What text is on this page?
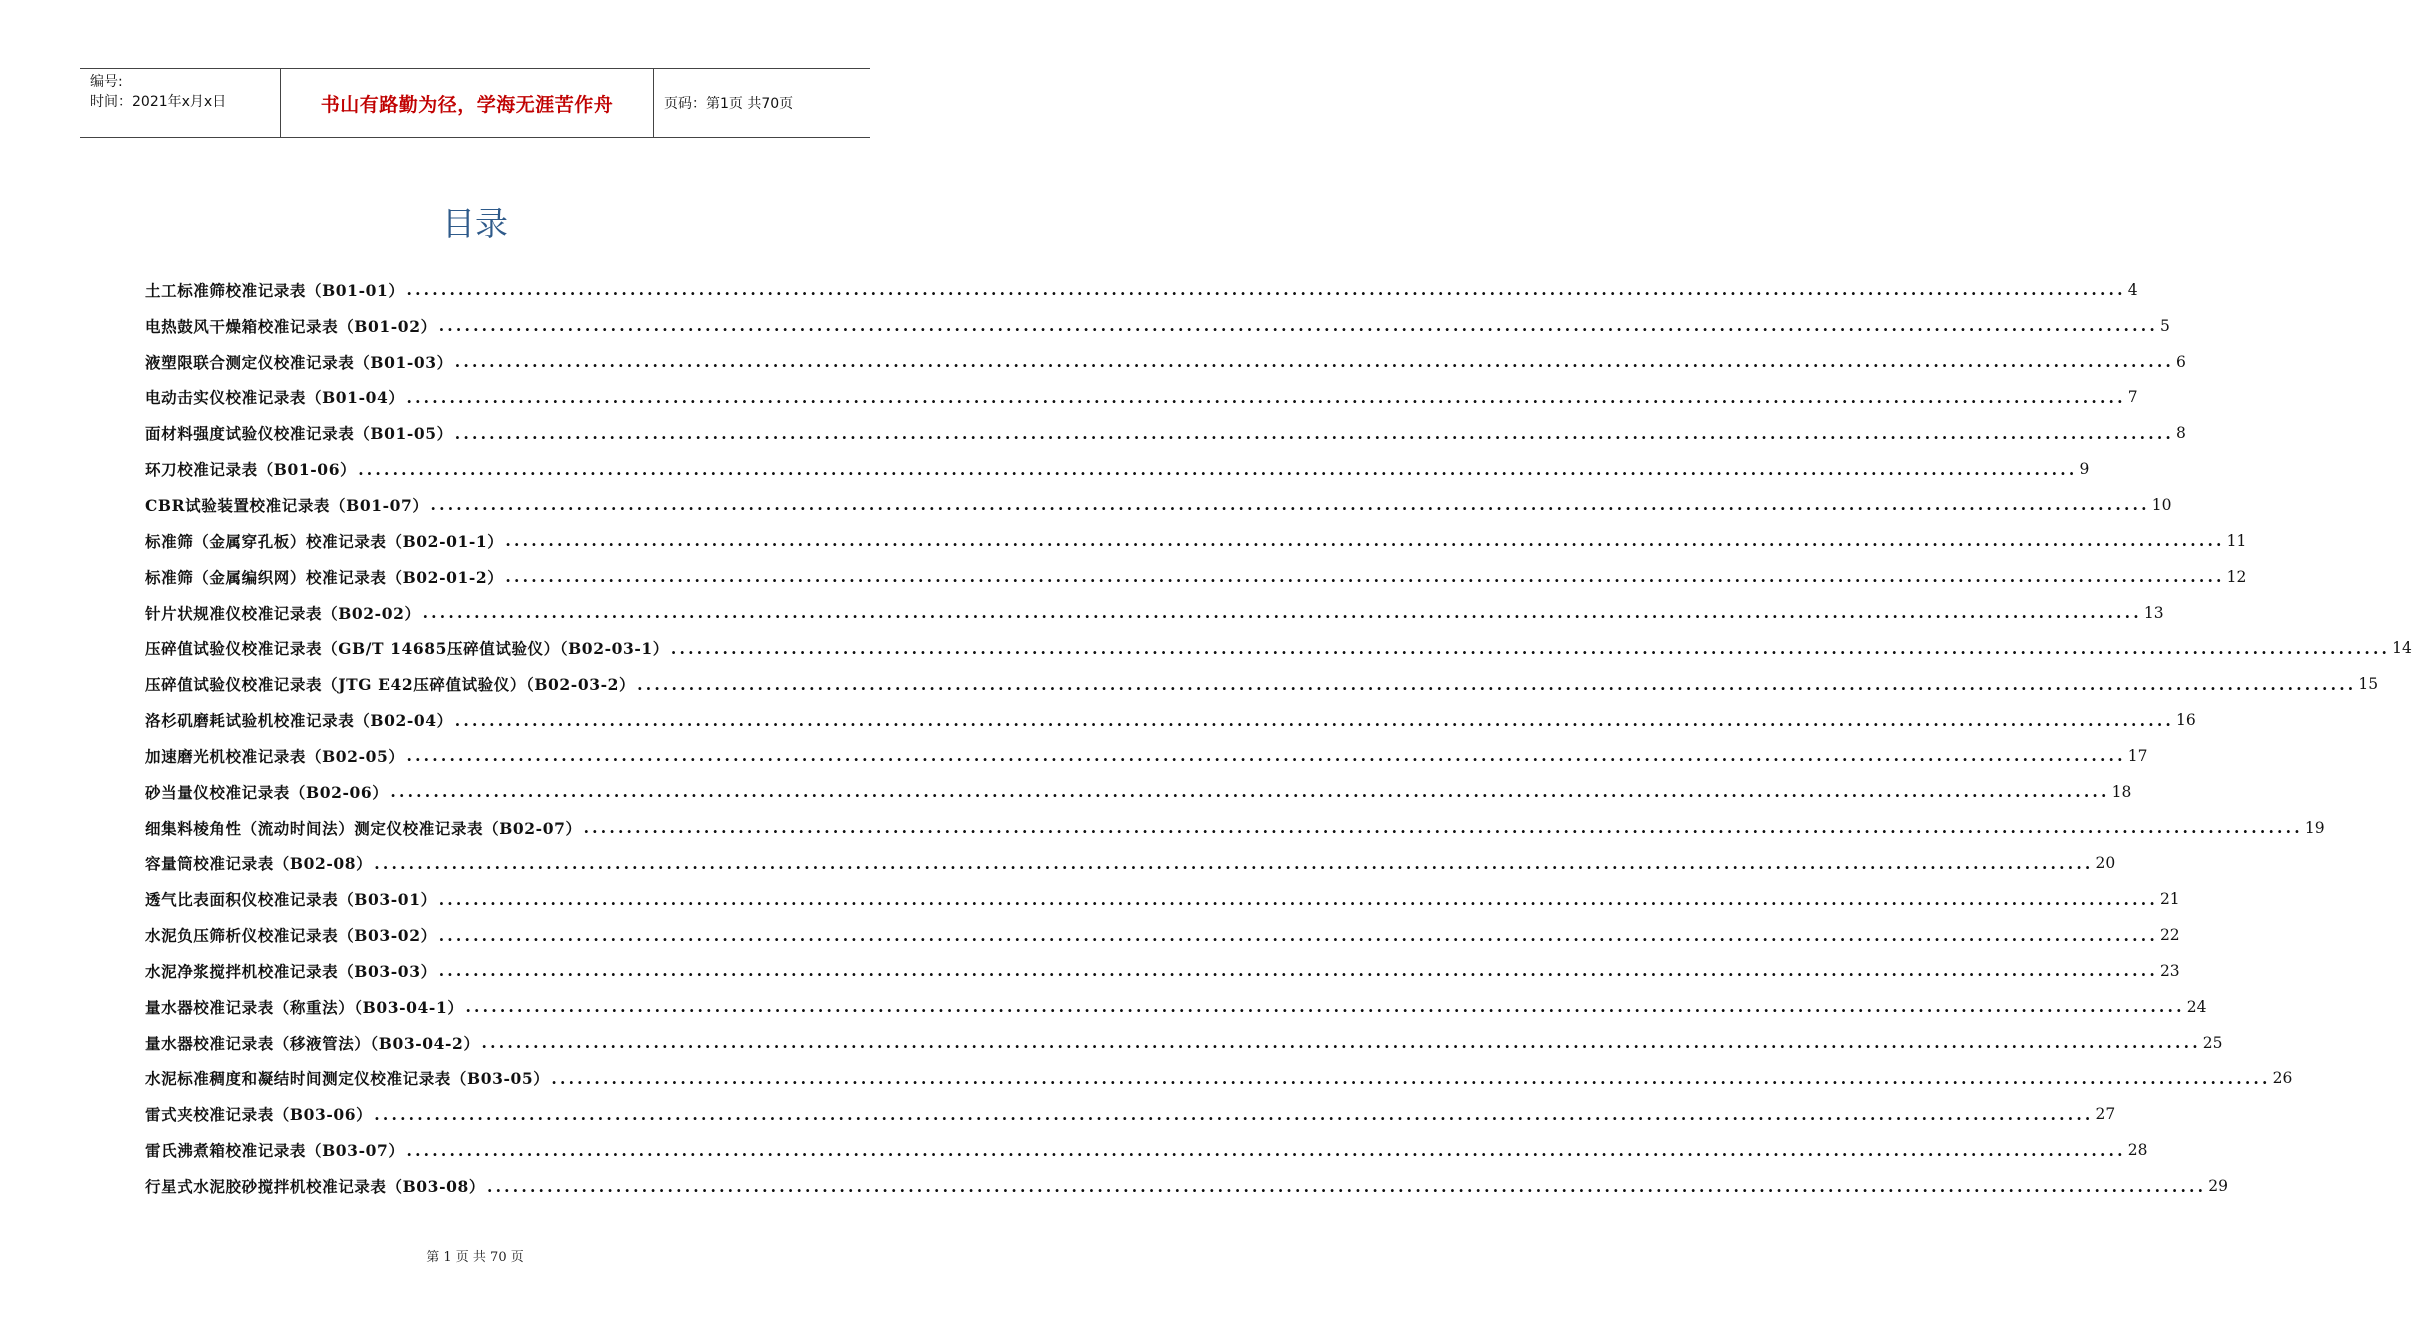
编号:
时间：2021年x月x日	书山有路勤为径，学海无涯苦作舟	页码：第1页 共70页
目录
土工标准筛校准记录表（B01-01） ........................................................................................................................................................................................................ 4
电热鼓风干燥箱校准记录表（B01-02） ........................................................................................................................................................................................................ 5
液塑限联合测定仪校准记录表（B01-03） ........................................................................................................................................................................................................ 6
电动击实仪校准记录表（B01-04） ........................................................................................................................................................................................................ 7
面材料强度试验仪校准记录表（B01-05） ........................................................................................................................................................................................................ 8
环刀校准记录表（B01-06） ........................................................................................................................................................................................................ 9
CBR试验装置校准记录表（B01-07） ........................................................................................................................................................................................................ 10
标准筛（金属穿孔板）校准记录表（B02-01-1） ........................................................................................................................................................................................................ 11
标准筛（金属编织网）校准记录表（B02-01-2） ........................................................................................................................................................................................................ 12
针片状规准仪校准记录表（B02-02） ........................................................................................................................................................................................................ 13
压碎值试验仪校准记录表（GB/T 14685压碎值试验仪）（B02-03-1） ........................................................................................................................................................................................................ 14
压碎值试验仪校准记录表（JTG E42压碎值试验仪）（B02-03-2） ........................................................................................................................................................................................................ 15
洛杉矶磨耗试验机校准记录表（B02-04） ........................................................................................................................................................................................................ 16
加速磨光机校准记录表（B02-05） ........................................................................................................................................................................................................ 17
砂当量仪校准记录表（B02-06） ........................................................................................................................................................................................................ 18
细集料棱角性（流动时间法）测定仪校准记录表（B02-07） ........................................................................................................................................................................................................ 19
容量筒校准记录表（B02-08） ........................................................................................................................................................................................................ 20
透气比表面积仪校准记录表（B03-01） ........................................................................................................................................................................................................ 21
水泥负压筛析仪校准记录表（B03-02） ........................................................................................................................................................................................................ 22
水泥净浆搅拌机校准记录表（B03-03） ........................................................................................................................................................................................................ 23
量水器校准记录表（称重法）（B03-04-1） ........................................................................................................................................................................................................ 24
量水器校准记录表（移液管法）（B03-04-2） ........................................................................................................................................................................................................ 25
水泥标准稠度和凝结时间测定仪校准记录表（B03-05） ........................................................................................................................................................................................................ 26
雷式夹校准记录表（B03-06） ........................................................................................................................................................................................................ 27
雷氏沸煮箱校准记录表（B03-07） ........................................................................................................................................................................................................ 28
行星式水泥胶砂搅拌机校准记录表（B03-08） ........................................................................................................................................................................................................ 29
第 1 页 共 70 页
